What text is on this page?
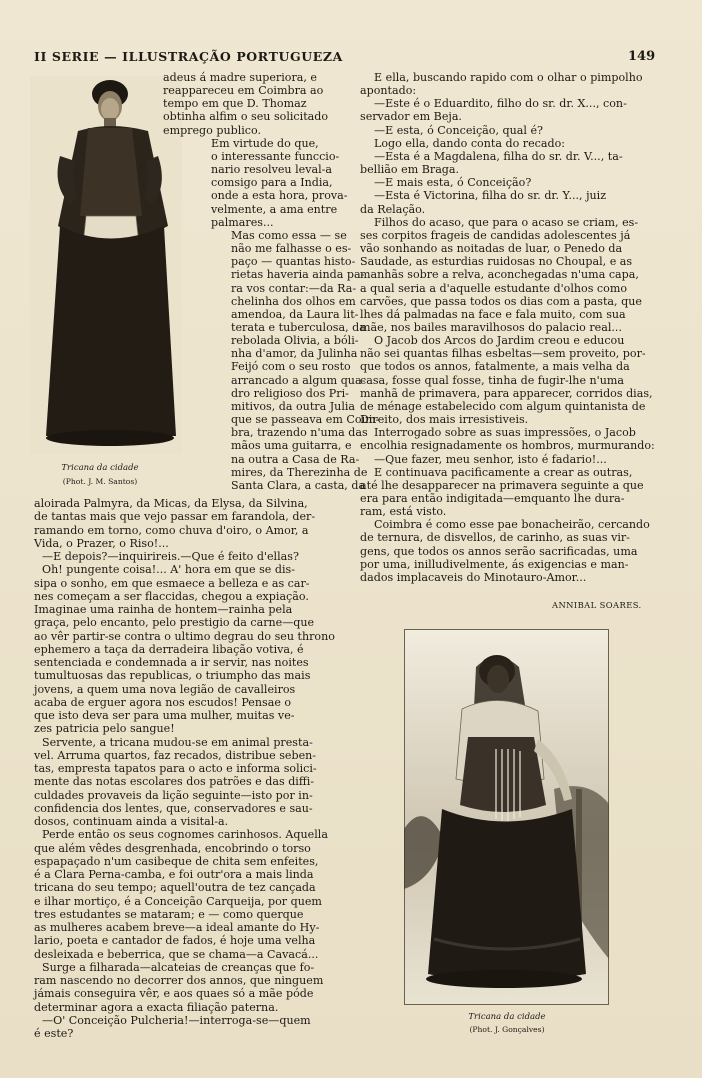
II SERIE — ILLUSTRAÇÃO PORTUGUEZA	149
Tricana da cidade
(Phot. J. M. Santos)
adeus á madre superiora, e
reappareceu em Coimbra ao
tempo em que D. Thomaz
obtinha alfim o seu solicitado
emprego publico.
Em virtude do que,
o interessante funccio-
nario resolveu leval-a
comsigo para a India,
onde a esta hora, prova-
velmente, a ama entre
palmares...
Mas como essa — se
não me falhasse o es-
paço — quantas histo-
rietas haveria ainda pa-
ra vos contar:—da Ra-
chelinha dos olhos em
amendoa, da Laura lit-
terata e tuberculosa, da
rebolada Olivia, a bóli-
nha d'amor, da Julinha
Feijó com o seu rosto
arrancado a algum qua-
dro religioso dos Pri-
mitivos, da outra Julia
que se passeava em Coim-
bra, trazendo n'uma das
mãos uma guitarra, e
na outra a Casa de Ra-
mires, da Therezinha de
Santa Clara, a casta, da
aloirada Palmyra, da Micas, da Elysa, da Silvina,
de tantas mais que vejo passar em farandola, der-
ramando em torno, como chuva d'oiro, o Amor, a
Vida, o Prazer, o Riso!...
—E depois?—inquirireis.—Que é feito d'ellas?
Oh! pungente coisa!... A' hora em que se dis-
sipa o sonho, em que esmaece a belleza e as car-
nes começam a ser flaccidas, chegou a expiação.
Imaginae uma rainha de hontem—rainha pela
graça, pelo encanto, pelo prestigio da carne—que
ao vêr partir-se contra o ultimo degrau do seu throno
ephemero a taça da derradeira libação votiva, é
sentenciada e condemnada a ir servir, nas noites
tumultuosas das republicas, o triumpho das mais
jovens, a quem uma nova legião de cavalleiros
acaba de erguer agora nos escudos! Pensae o
que isto deva ser para uma mulher, muitas ve-
zes patricia pelo sangue!
Servente, a tricana mudou-se em animal presta-
vel. Arruma quartos, faz recados, distribue seben-
tas, empresta tapatos para o acto e informa solici-
mente das notas escolares dos patrões e das diffi-
culdades provaveis da lição seguinte—isto por in-
confidencia dos lentes, que, conservadores e sau-
dosos, continuam ainda a visital-a.
Perde então os seus cognomes carinhosos. Aquella
que além vêdes desgrenhada, encobrindo o torso
espapaçado n'um casibeque de chita sem enfeites,
é a Clara Perna-camba, e foi outr'ora a mais linda
tricana do seu tempo; aquell'outra de tez cançada
e ilhar mortiço, é a Conceição Carqueija, por quem
tres estudantes se mataram; e — como querque
as mulheres acabem breve—a ideal amante do Hy-
lario, poeta e cantador de fados, é hoje uma velha
desleixada e beberrica, que se chama—a Cavacá...
Surge a filharada—alcateias de creanças que fo-
ram nascendo no decorrer dos annos, que ninguem
jámais conseguira vêr, e aos quaes só a mãe póde
determinar agora a exacta filiação paterna.
—O' Conceição Pulcheria!—interroga-se—quem
é este?
E ella, buscando rapido com o olhar o pimpolho
apontado:
—Este é o Eduardito, filho do sr. dr. X..., con-
servador em Beja.
—E esta, ó Conceição, qual é?
Logo ella, dando conta do recado:
—Esta é a Magdalena, filha do sr. dr. V..., ta-
bellião em Braga.
—E mais esta, ó Conceição?
—Esta é Victorina, filha do sr. dr. Y..., juiz
da Relação.
Filhos do acaso, que para o acaso se criam, es-
ses corpitos frageis de candidas adolescentes já
vão sonhando as noitadas de luar, o Penedo da
Saudade, as esturdias ruidosas no Choupal, e as
manhãs sobre a relva, aconchegadas n'uma capa,
a qual seria a d'aquelle estudante d'olhos como
carvões, que passa todos os dias com a pasta, que
lhes dá palmadas na face e fala muito, com sua
mãe, nos bailes maravilhosos do palacio real...
O Jacob dos Arcos do Jardim creou e educou
não sei quantas filhas esbeltas—sem proveito, por-
que todos os annos, fatalmente, a mais velha da
casa, fosse qual fosse, tinha de fugir-lhe n'uma
manhã de primavera, para apparecer, corridos dias,
de ménage estabelecido com algum quintanista de
Direito, dos mais irresistiveis.
Interrogado sobre as suas impressões, o Jacob
encolhia resignadamente os hombros, murmurando:
—Que fazer, meu senhor, isto é fadario!...
E continuava pacificamente a crear as outras,
até lhe desapparecer na primavera seguinte a que
era para então indigitada—emquanto lhe dura-
ram, está visto.
Coimbra é como esse pae bonacheirão, cercando
de ternura, de disvellos, de carinho, as suas vir-
gens, que todos os annos serão sacrificadas, uma
por uma, inilludivelmente, ás exigencias e man-
dados implacaveis do Minotauro-Amor...
ANNIBAL SOARES.
Tricana da cidade
(Phot. J. Gonçalves)
